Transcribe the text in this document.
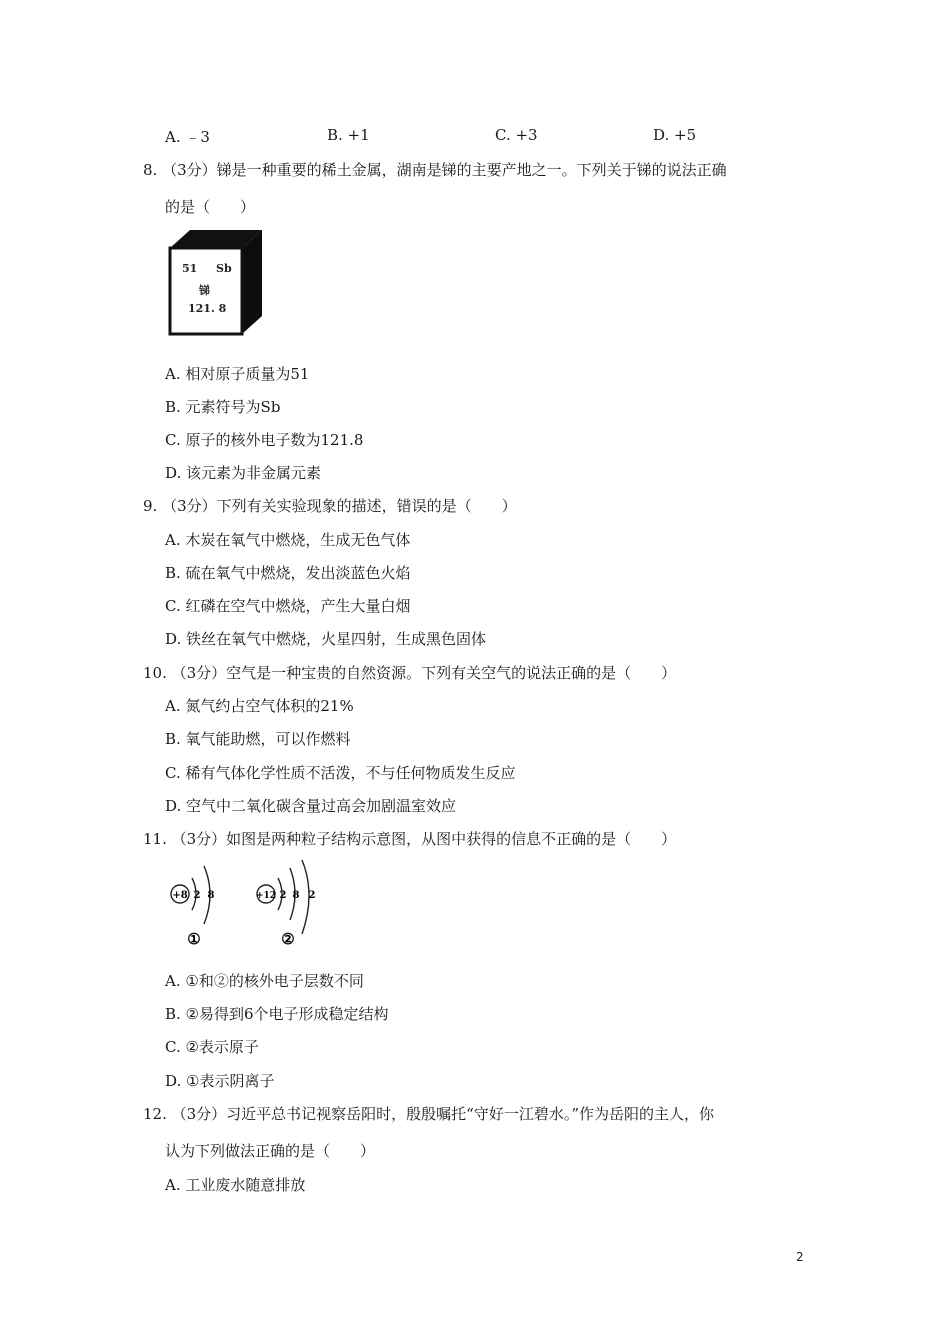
A. ﹣3	B. +1	C. +3	D. +5
8. （3分）锑是一种重要的稀土金属，湖南是锑的主要产地之一。下列关于锑的说法正确
的是（　　）
51 Sb
锑
121. 8
A. 相对原子质量为51
B. 元素符号为Sb
C. 原子的核外电子数为121.8
D. 该元素为非金属元素
9. （3分）下列有关实验现象的描述，错误的是（　　）
A. 木炭在氧气中燃烧，生成无色气体
B. 硫在氧气中燃烧，发出淡蓝色火焰
C. 红磷在空气中燃烧，产生大量白烟
D. 铁丝在氧气中燃烧，火星四射，生成黑色固体
10. （3分）空气是一种宝贵的自然资源。下列有关空气的说法正确的是（　　）
A. 氮气约占空气体积的21%
B. 氧气能助燃，可以作燃料
C. 稀有气体化学性质不活泼，不与任何物质发生反应
D. 空气中二氧化碳含量过高会加剧温室效应
11. （3分）如图是两种粒子结构示意图，从图中获得的信息不正确的是（　　）
+8 2 8
①
+12 2 8 2
②
A. ①和②的核外电子层数不同
B. ②易得到6个电子形成稳定结构
C. ②表示原子
D. ①表示阴离子
12. （3分）习近平总书记视察岳阳时，殷殷嘱托“守好一江碧水。”作为岳阳的主人，你
认为下列做法正确的是（　　）
A. 工业废水随意排放
2
